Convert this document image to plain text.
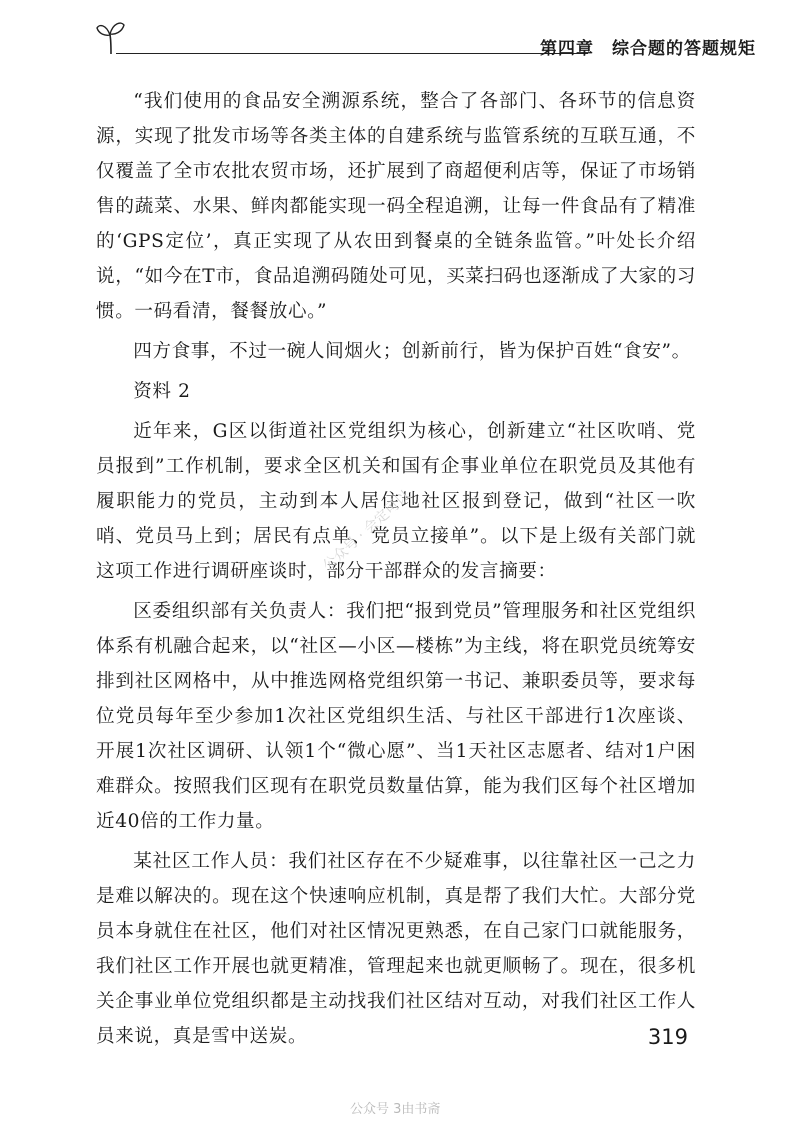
第四章　综合题的答题规矩

“我们使用的食品安全溯源系统，整合了各部门、各环节的信息资源，实现了批发市场等各类主体的自建系统与监管系统的互联互通，不仅覆盖了全市农批农贸市场，还扩展到了商超便利店等，保证了市场销售的蔬菜、水果、鲜肉都能实现一码全程追溯，让每一件食品有了精准的‘GPS定位’，真正实现了从农田到餐桌的全链条监管。”叶处长介绍说，“如今在T市，食品追溯码随处可见，买菜扫码也逐渐成了大家的习惯。一码看清，餐餐放心。”

四方食事，不过一碗人间烟火；创新前行，皆为保护百姓“食安”。

资料 2

近年来，G区以街道社区党组织为核心，创新建立“社区吹哨、党员报到”工作机制，要求全区机关和国有企事业单位在职党员及其他有履职能力的党员，主动到本人居住地社区报到登记，做到“社区一吹哨、党员马上到；居民有点单、党员立接单”。以下是上级有关部门就这项工作进行调研座谈时，部分干部群众的发言摘要：

区委组织部有关负责人：我们把“报到党员”管理服务和社区党组织体系有机融合起来，以“社区—小区—楼栋”为主线，将在职党员统筹安排到社区网格中，从中推选网格党组织第一书记、兼职委员等，要求每位党员每年至少参加1次社区党组织生活、与社区干部进行1次座谈、开展1次社区调研、认领1个“微心愿”、当1天社区志愿者、结对1户困难群众。按照我们区现有在职党员数量估算，能为我们区每个社区增加近40倍的工作力量。

某社区工作人员：我们社区存在不少疑难事，以往靠社区一己之力是难以解决的。现在这个快速响应机制，真是帮了我们大忙。大部分党员本身就住在社区，他们对社区情况更熟悉，在自己家门口就能服务，我们社区工作开展也就更精准，管理起来也就更顺畅了。现在，很多机关企事业单位党组织都是主动找我们社区结对互动，对我们社区工作人员来说，真是雪中送炭。	319
公众号 · 会定可以
公众号 3由书斋
